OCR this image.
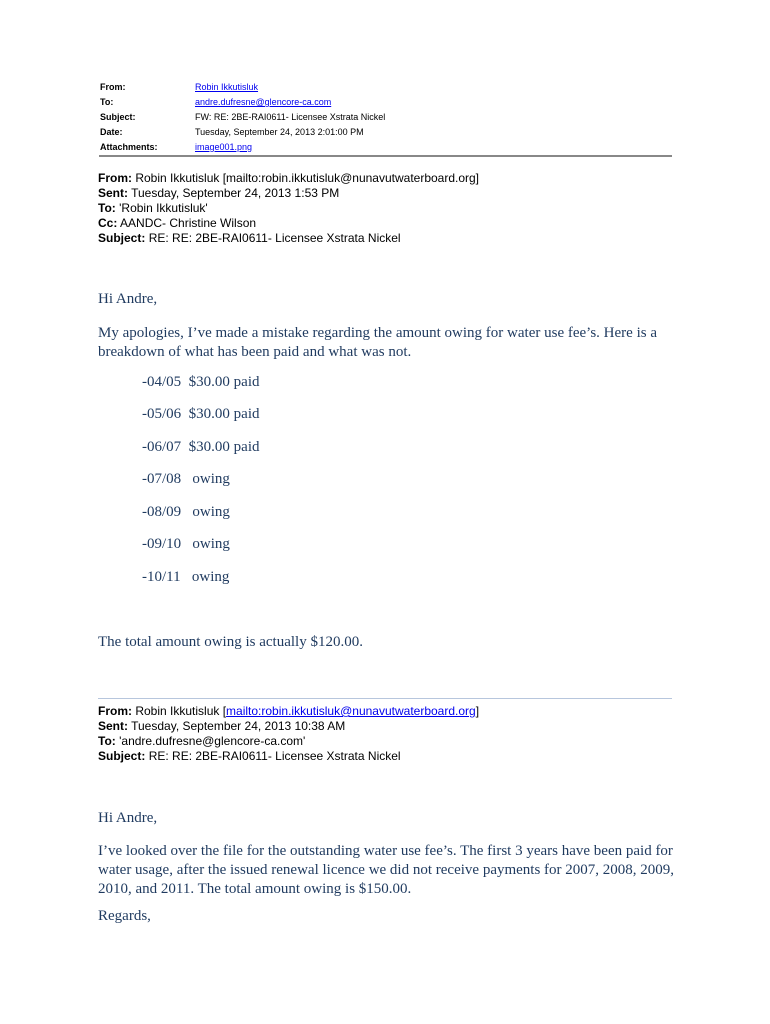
From:	Robin Ikkutisluk
To:	andre.dufresne@glencore-ca.com
Subject:	FW: RE: 2BE-RAI0611- Licensee Xstrata Nickel
Date:	Tuesday, September 24, 2013 2:01:00 PM
Attachments:	image001.png
From: Robin Ikkutisluk [mailto:robin.ikkutisluk@nunavutwaterboard.org]
Sent: Tuesday, September 24, 2013 1:53 PM
To: 'Robin Ikkutisluk'
Cc: AANDC- Christine Wilson
Subject: RE: RE: 2BE-RAI0611- Licensee Xstrata Nickel
Hi Andre,
My apologies, I’ve made a mistake regarding the amount owing for water use fee’s. Here is a breakdown of what has been paid and what was not.
-04/05  $30.00 paid
-05/06  $30.00 paid
-06/07  $30.00 paid
-07/08   owing
-08/09   owing
-09/10   owing
-10/11   owing
The total amount owing is actually $120.00.
From: Robin Ikkutisluk [mailto:robin.ikkutisluk@nunavutwaterboard.org]
Sent: Tuesday, September 24, 2013 10:38 AM
To: 'andre.dufresne@glencore-ca.com'
Subject: RE: RE: 2BE-RAI0611- Licensee Xstrata Nickel
Hi Andre,
I’ve looked over the file for the outstanding water use fee’s. The first 3 years have been paid for water usage, after the issued renewal licence we did not receive payments for 2007, 2008, 2009, 2010, and 2011. The total amount owing is $150.00.
Regards,
